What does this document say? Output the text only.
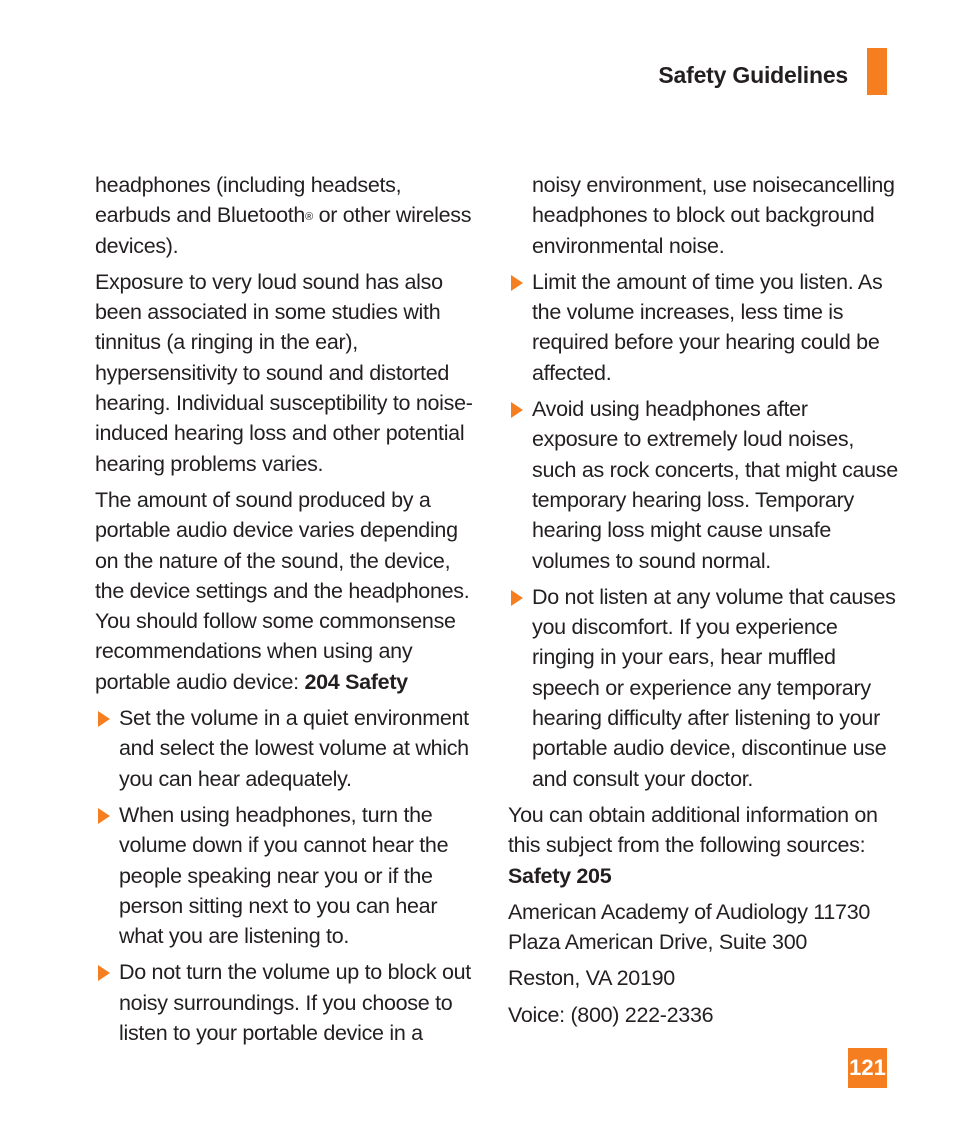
Safety Guidelines

headphones (including headsets, earbuds and Bluetooth® or other wireless devices).

Exposure to very loud sound has also been associated in some studies with tinnitus (a ringing in the ear), hypersensitivity to sound and distorted hearing. Individual susceptibility to noise-induced hearing loss and other potential hearing problems varies.

The amount of sound produced by a portable audio device varies depending on the nature of the sound, the device, the device settings and the headphones. You should follow some commonsense recommendations when using any portable audio device: 204 Safety

Set the volume in a quiet environment and select the lowest volume at which you can hear adequately.
When using headphones, turn the volume down if you cannot hear the people speaking near you or if the person sitting next to you can hear what you are listening to.
Do not turn the volume up to block out noisy surroundings. If you choose to listen to your portable device in a
noisy environment, use noisecancelling headphones to block out background environmental noise.
Limit the amount of time you listen. As the volume increases, less time is required before your hearing could be affected.
Avoid using headphones after exposure to extremely loud noises, such as rock concerts, that might cause temporary hearing loss. Temporary hearing loss might cause unsafe volumes to sound normal.
Do not listen at any volume that causes you discomfort. If you experience ringing in your ears, hear muffled speech or experience any temporary hearing difficulty after listening to your portable audio device, discontinue use and consult your doctor.

You can obtain additional information on this subject from the following sources:
Safety 205

American Academy of Audiology 11730 Plaza American Drive, Suite 300

Reston, VA 20190

Voice: (800) 222-2336

121
